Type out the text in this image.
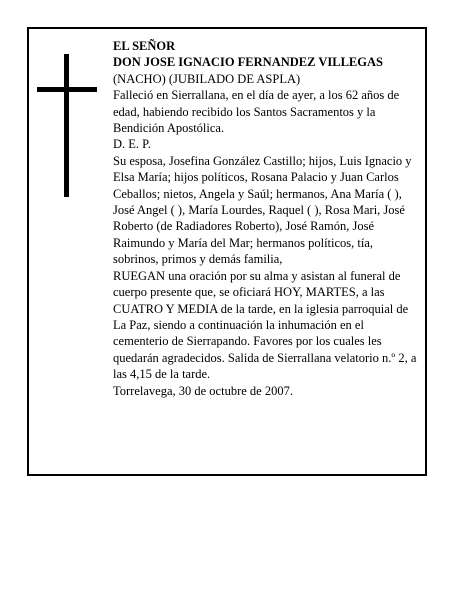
EL SEÑOR

DON JOSE IGNACIO FERNANDEZ VILLEGAS

(NACHO) (JUBILADO DE ASPLA)

Falleció en Sierrallana, en el día de ayer, a los 62 años de edad, habiendo recibido los Santos Sacramentos y la Bendición Apostólica.

D. E. P.

Su esposa, Josefina González Castillo; hijos, Luis Ignacio y Elsa María; hijos políticos, Rosana Palacio y Juan Carlos Ceballos; nietos, Angela y Saúl; hermanos, Ana María ( ), José Angel ( ), María Lourdes, Raquel ( ), Rosa Mari, José Roberto (de Radiadores Roberto), José Ramón, José Raimundo y María del Mar; hermanos políticos, tía, sobrinos, primos y demás familia,

RUEGAN una oración por su alma y asistan al funeral de cuerpo presente que, se oficiará HOY, MARTES, a las CUATRO Y MEDIA de la tarde, en la iglesia parroquial de La Paz, siendo a continuación la inhumación en el cementerio de Sierrapando. Favores por los cuales les quedarán agradecidos. Salida de Sierrallana velatorio n.º 2, a las 4,15 de la tarde.

Torrelavega, 30 de octubre de 2007.
